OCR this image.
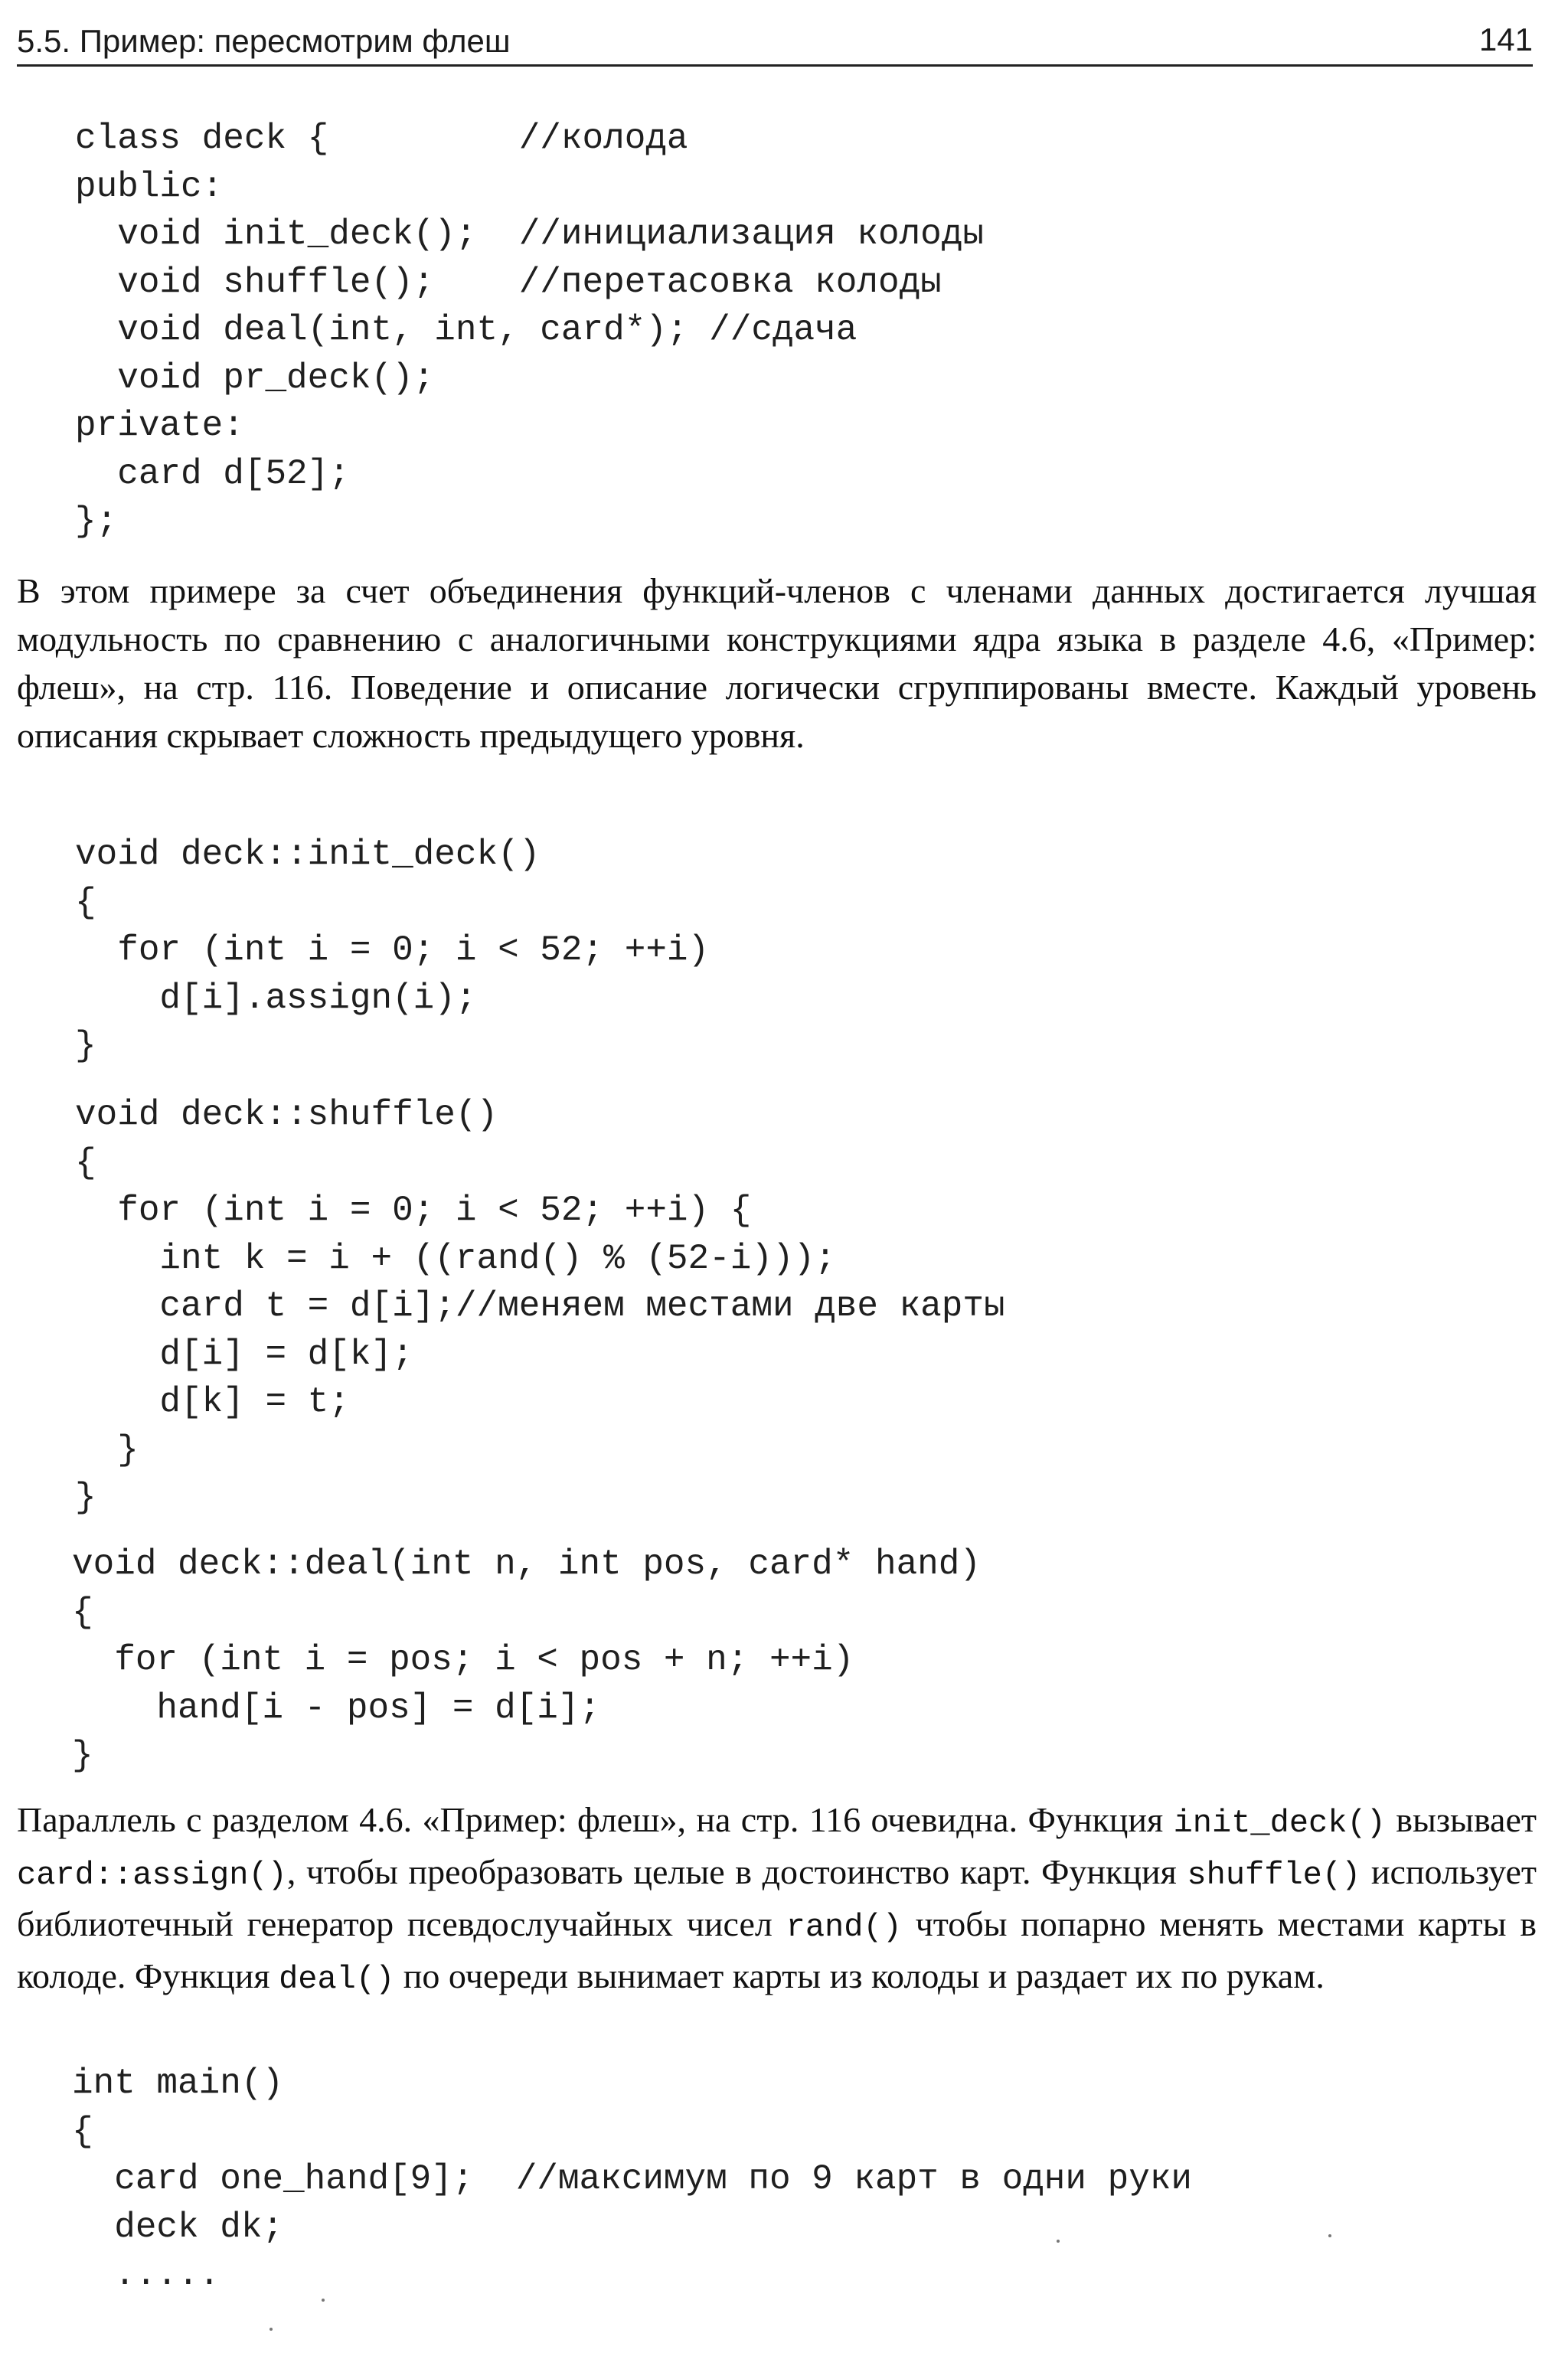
5.5. Пример: пересмотрим флеш	141
class deck {         //колода
public:
void init_deck();  //инициализация колоды
void shuffle();    //перетасовка колоды
void deal(int, int, card*); //сдача
void pr_deck();
private:
card d[52];
};

В этом примере за счет объединения функций-членов с членами данных достигается лучшая модульность по сравнению с аналогичными конструкциями ядра языка в разделе 4.6, «Пример: флеш», на стр. 116. Поведение и описание логически сгруппированы вместе. Каждый уровень описания скрывает сложность предыдущего уровня.

void deck::init_deck()
{
for (int i = 0; i < 52; ++i)
d[i].assign(i);
}
void deck::shuffle()
{
for (int i = 0; i < 52; ++i) {
int k = i + ((rand() % (52-i)));
card t = d[i];//меняем местами две карты
d[i] = d[k];
d[k] = t;
}
}
void deck::deal(int n, int pos, card* hand)
{
for (int i = pos; i < pos + n; ++i)
hand[i - pos] = d[i];
}

Параллель с разделом 4.6. «Пример: флеш», на стр. 116 очевидна. Функция init_deck() вызывает card::assign(), чтобы преобразовать целые в достоинство карт. Функция shuffle() использует библиотечный генератор псевдослучайных чисел rand() чтобы попарно менять местами карты в колоде. Функция deal() по очереди вынимает карты из колоды и раздает их по рукам.

int main()
{
card one_hand[9];  //максимум по 9 карт в одни руки
deck dk;
.....
